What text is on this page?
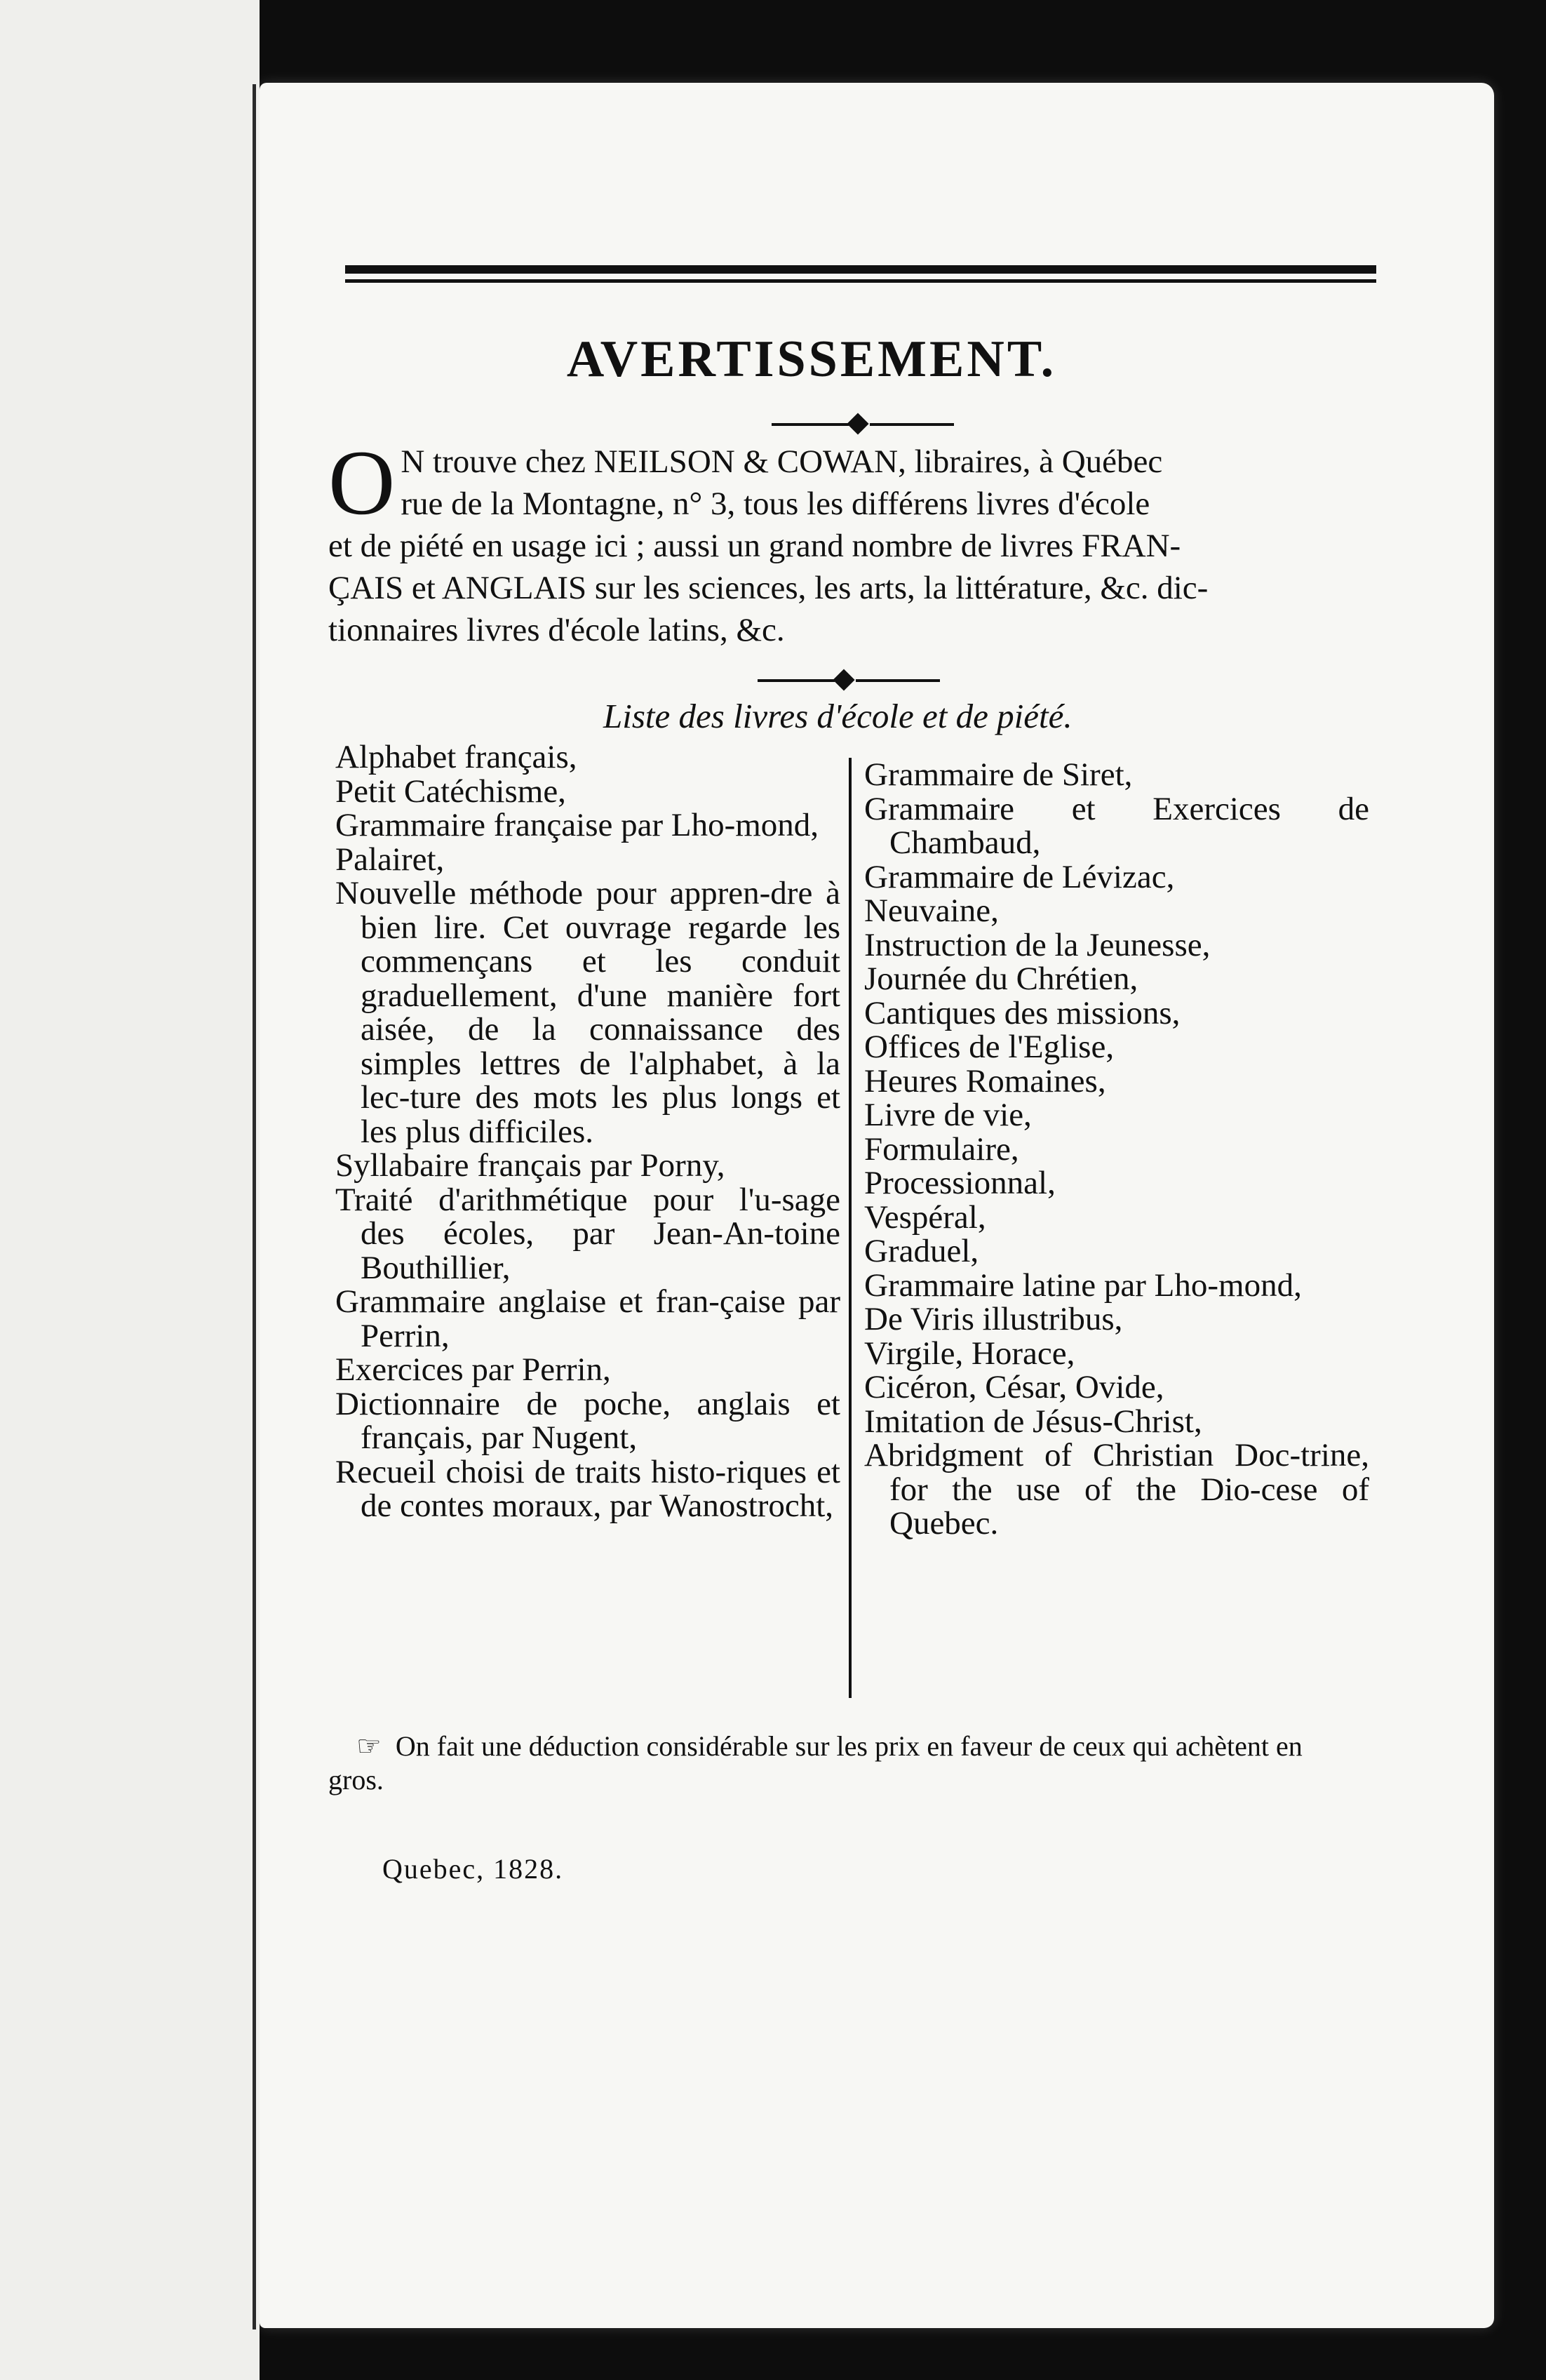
AVERTISSEMENT.
O N trouve chez NEILSON & COWAN, libraires, à Québec
rue de la Montagne, n° 3, tous les différens livres d'école
et de piété en usage ici ; aussi un grand nombre de livres FRAN-
ÇAIS et ANGLAIS sur les sciences, les arts, la littérature, &c. dic-
tionnaires livres d'école latins, &c.
Liste des livres d'école et de piété.
Alphabet français,
Petit Catéchisme,
Grammaire française par Lho-mond,
Palairet,
Nouvelle méthode pour appren-dre à bien lire. Cet ouvrage regarde les commençans et les conduit graduellement, d'une manière fort aisée, de la connaissance des simples lettres de l'alphabet, à la lec-ture des mots les plus longs et les plus difficiles.
Syllabaire français par Porny,
Traité d'arithmétique pour l'u-sage des écoles, par Jean-An-toine Bouthillier,
Grammaire anglaise et fran-çaise par Perrin,
Exercices par Perrin,
Dictionnaire de poche, anglais et français, par Nugent,
Recueil choisi de traits histo-riques et de contes moraux, par Wanostrocht,
Grammaire de Siret,
Grammaire et Exercices de Chambaud,
Grammaire de Lévizac,
Neuvaine,
Instruction de la Jeunesse,
Journée du Chrétien,
Cantiques des missions,
Offices de l'Eglise,
Heures Romaines,
Livre de vie,
Formulaire,
Processionnal,
Vespéral,
Graduel,
Grammaire latine par Lho-mond,
De Viris illustribus,
Virgile, Horace,
Cicéron, César, Ovide,
Imitation de Jésus-Christ,
Abridgment of Christian Doc-trine, for the use of the Dio-cese of Quebec.
☞ On fait une déduction considérable sur les prix en faveur de ceux qui achètent en gros.
Quebec, 1828.
